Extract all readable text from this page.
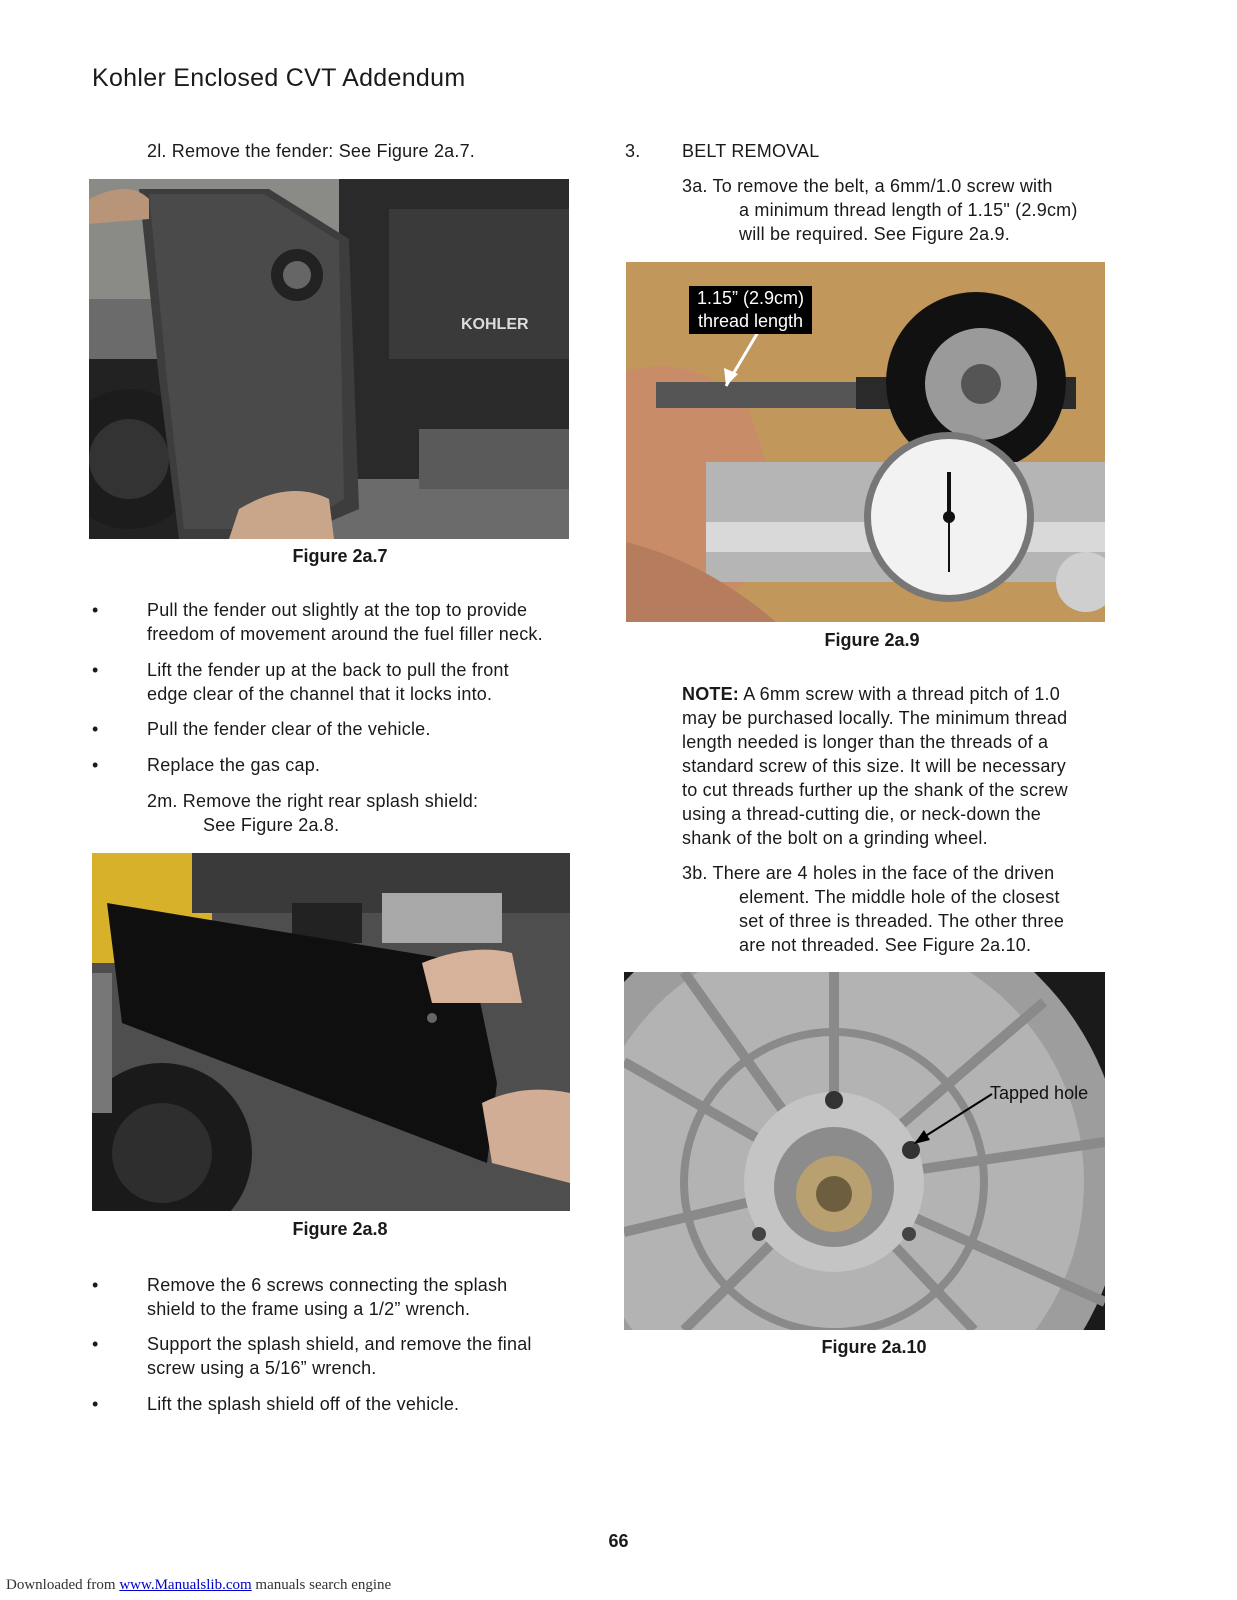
Kohler Enclosed CVT Addendum
2l. Remove the fender: See Figure 2a.7.
KOHLER
Figure 2a.7
•	Pull the fender out slightly at the top to provide
freedom of movement around the fuel filler neck.
•	Lift the fender up at the back to pull the front
edge clear of the channel that it locks into.
•	Pull the fender clear of the vehicle.
•	Replace the gas cap.
2m. Remove the right rear splash shield:
See Figure 2a.8.
Figure 2a.8
•	Remove the 6 screws connecting the splash
shield to the frame using a 1/2” wrench.
•	Support the splash shield, and remove the final
screw using a 5/16” wrench.
•	Lift the splash shield off of the vehicle.
3. BELT REMOVAL
3a. To remove the belt, a 6mm/1.0 screw with
a minimum thread length of 1.15" (2.9cm)
will be required. See Figure 2a.9.
1.15” (2.9cm)
thread length
Figure 2a.9
NOTE: A 6mm screw with a thread pitch of 1.0
may be purchased locally. The minimum thread
length needed is longer than the threads of a
standard screw of this size. It will be necessary
to cut threads further up the shank of the screw
using a thread-cutting die, or neck-down the
shank of the bolt on a grinding wheel.
3b. There are 4 holes in the face of the driven
element. The middle hole of the closest
set of three is threaded. The other three
are not threaded. See Figure 2a.10.
Tapped hole
Figure 2a.10
66
Downloaded from www.Manualslib.com manuals search engine
